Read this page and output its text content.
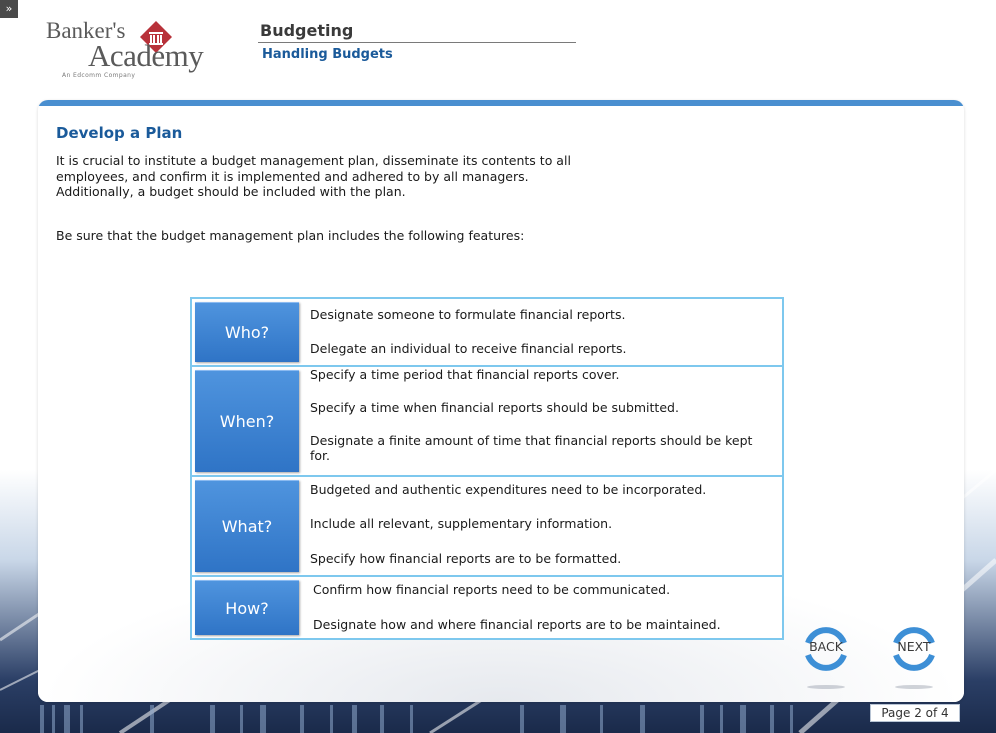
»
Banker's
Academy
An Edcomm Company
Budgeting
Handling Budgets
Develop a Plan

It is crucial to institute a budget management plan, disseminate its contents to all employees, and confirm it is implemented and adhered to by all managers. Additionally, a budget should be included with the plan.

Be sure that the budget management plan includes the following features:

Who?
Designate someone to formulate financial reports.
Delegate an individual to receive financial reports.
When?
Specify a time period that financial reports cover.
Specify a time when financial reports should be submitted.
Designate a finite amount of time that financial reports should be kept for.
What?
Budgeted and authentic expenditures need to be incorporated.
Include all relevant, supplementary information.
Specify how financial reports are to be formatted.
How?
Confirm how financial reports need to be communicated.
Designate how and where financial reports are to be maintained.
BACK	NEXT
Page 2 of 4
